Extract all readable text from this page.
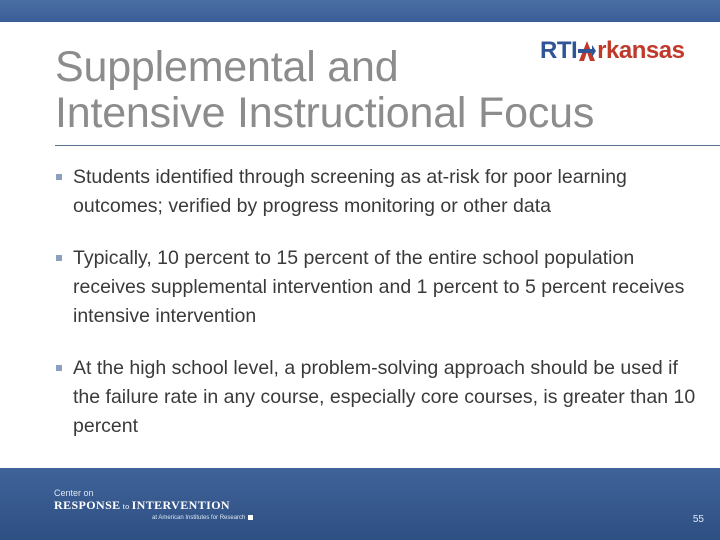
RTI rkansas
Supplemental and
Intensive Instructional Focus
Students identified through screening as at-risk for poor learning outcomes; verified by progress monitoring or other data
Typically, 10 percent to 15 percent of the entire school population receives supplemental intervention and 1 percent to 5 percent receives intensive intervention
At the high school level, a problem-solving approach should be used if the failure rate in any course, especially core courses, is greater than 10 percent
Center on
RESPONSE to INTERVENTION
at American Institutes for Research	55
